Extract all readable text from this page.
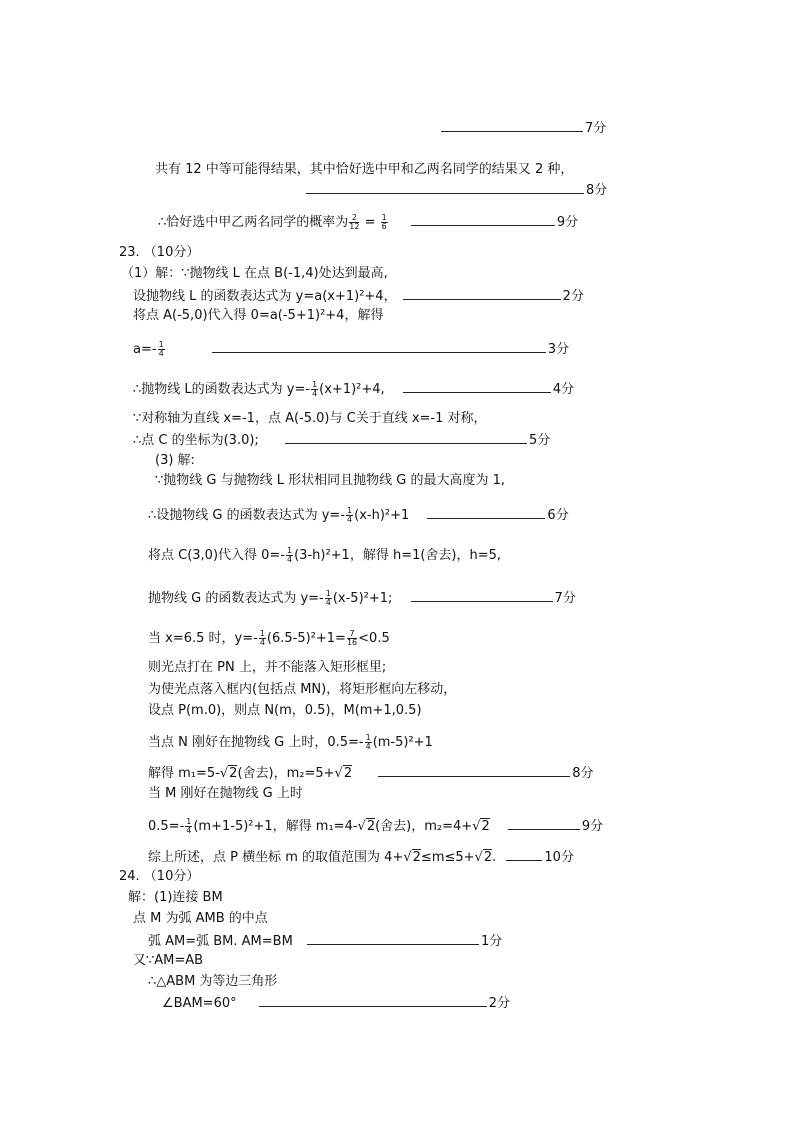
7分
共有 12 中等可能得结果，其中恰好选中甲和乙两名同学的结果又 2 种，
8分
∴恰好选中甲乙两名同学的概率为 $\frac{2}{12} = \frac{1}{6}$	9分
23. （10分）
（1）解：∵抛物线 L 在点 B(-1,4)处达到最高,
设抛物线 L 的函数表达式为 y=a(x+1)²+4，	2分
将点 A(-5,0)代入得 0=a(-5+1)²+4，解得
$a=- \frac{1}{4}$	3分
∴抛物线 L的函数表达式为 $y=- \frac{1}{4} (x+1)^2+4$,	4分
∵对称轴为直线 x=-1，点 A(-5.0)与 C关于直线 x=-1 对称，
∴点 C 的坐标为(3.0);	5分
(3) 解:
∵抛物线 G 与抛物线 L 形状相同且抛物线 G 的最大高度为 1,
∴设抛物线 G 的函数表达式为 $y=- \frac{1}{4} (x-h)^2+1$	6分
将点 C(3,0)代入得 $0=- \frac{1}{4} (3-h)^2+1$，解得 h=1(舍去)，h=5,
抛物线 G 的函数表达式为 $y=- \frac{1}{4} (x-5)^2+1$;	7分
当 x=6.5 时，$y=- \frac{1}{4} (6.5-5)^2+1= \frac{7}{16} <0.5$
则光点打在 PN 上，并不能落入矩形框里;
为使光点落入框内(包括点 MN)，将矩形框向左移动，
设点 P(m.0)，则点 N(m，0.5)，M(m+1,0.5)
当点 N 刚好在抛物线 G 上时，$0.5=- \frac{1}{4} (m-5)^2+1$
解得 m₁=5-√2(舍去)，m₂=5+√2	8分
当 M 刚好在抛物线 G 上时
$0.5=- \frac{1}{4} (m+1-5)^2+1$，解得 m₁=4-√2(舍去)，m₂=4+√2	9分
综上所述，点 P 横坐标 m 的取值范围为 4+√2≤m≤5+√2.	10分
24. （10分）
解：(1)连接 BM
点 M 为弧 AMB 的中点
弧 AM=弧 BM. AM=BM	1分
又∵AM=AB
∴△ABM 为等边三角形
∠BAM=60°	2分
